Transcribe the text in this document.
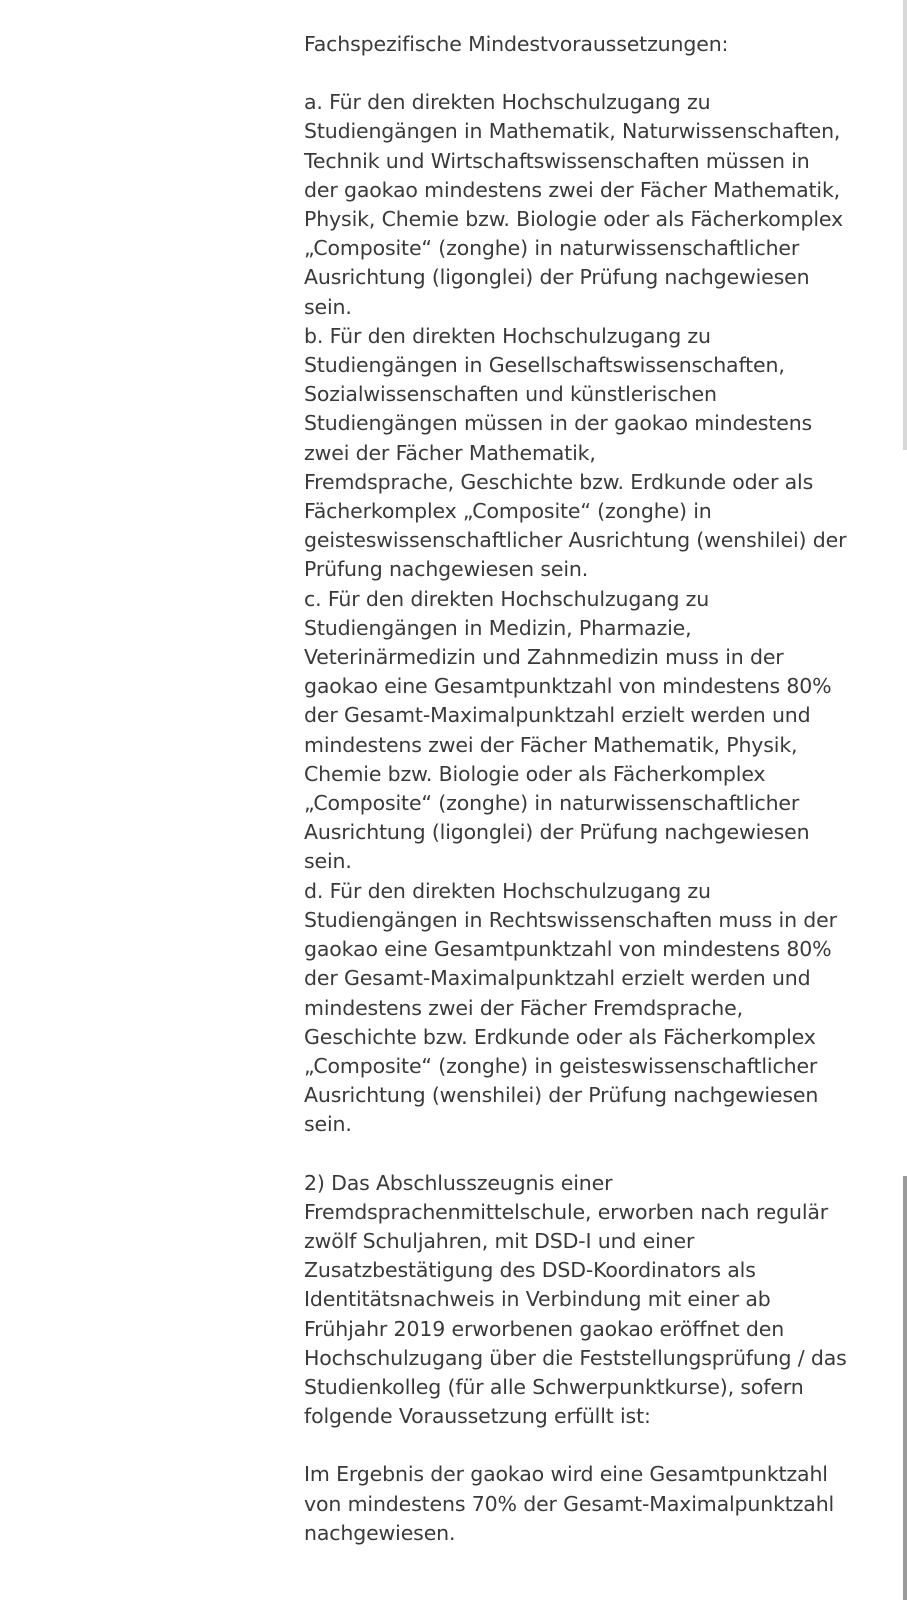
Fachspezifische Mindestvoraussetzungen:

a. Für den direkten Hochschulzugang zu
Studiengängen in Mathematik, Naturwissenschaften,
Technik und Wirtschaftswissenschaften müssen in
der gaokao mindestens zwei der Fächer Mathematik,
Physik, Chemie bzw. Biologie oder als Fächerkomplex
„Composite“ (zonghe) in naturwissenschaftlicher
Ausrichtung (ligonglei) der Prüfung nachgewiesen
sein.

b. Für den direkten Hochschulzugang zu
Studiengängen in Gesellschaftswissenschaften,
Sozialwissenschaften und künstlerischen
Studiengängen müssen in der gaokao mindestens
zwei der Fächer Mathematik,
Fremdsprache, Geschichte bzw. Erdkunde oder als
Fächerkomplex „Composite“ (zonghe) in
geisteswissenschaftlicher Ausrichtung (wenshilei) der
Prüfung nachgewiesen sein.

c. Für den direkten Hochschulzugang zu
Studiengängen in Medizin, Pharmazie,
Veterinärmedizin und Zahnmedizin muss in der
gaokao eine Gesamtpunktzahl von mindestens 80%
der Gesamt-Maximalpunktzahl erzielt werden und
mindestens zwei der Fächer Mathematik, Physik,
Chemie bzw. Biologie oder als Fächerkomplex
„Composite“ (zonghe) in naturwissenschaftlicher
Ausrichtung (ligonglei) der Prüfung nachgewiesen
sein.

d. Für den direkten Hochschulzugang zu
Studiengängen in Rechtswissenschaften muss in der
gaokao eine Gesamtpunktzahl von mindestens 80%
der Gesamt-Maximalpunktzahl erzielt werden und
mindestens zwei der Fächer Fremdsprache,
Geschichte bzw. Erdkunde oder als Fächerkomplex
„Composite“ (zonghe) in geisteswissenschaftlicher
Ausrichtung (wenshilei) der Prüfung nachgewiesen
sein.

2) Das Abschlusszeugnis einer
Fremdsprachenmittelschule, erworben nach regulär
zwölf Schuljahren, mit DSD-I und einer
Zusatzbestätigung des DSD-Koordinators als
Identitätsnachweis in Verbindung mit einer ab
Frühjahr 2019 erworbenen gaokao eröffnet den
Hochschulzugang über die Feststellungsprüfung / das
Studienkolleg (für alle Schwerpunktkurse), sofern
folgende Voraussetzung erfüllt ist:

Im Ergebnis der gaokao wird eine Gesamtpunktzahl
von mindestens 70% der Gesamt-Maximalpunktzahl
nachgewiesen.
